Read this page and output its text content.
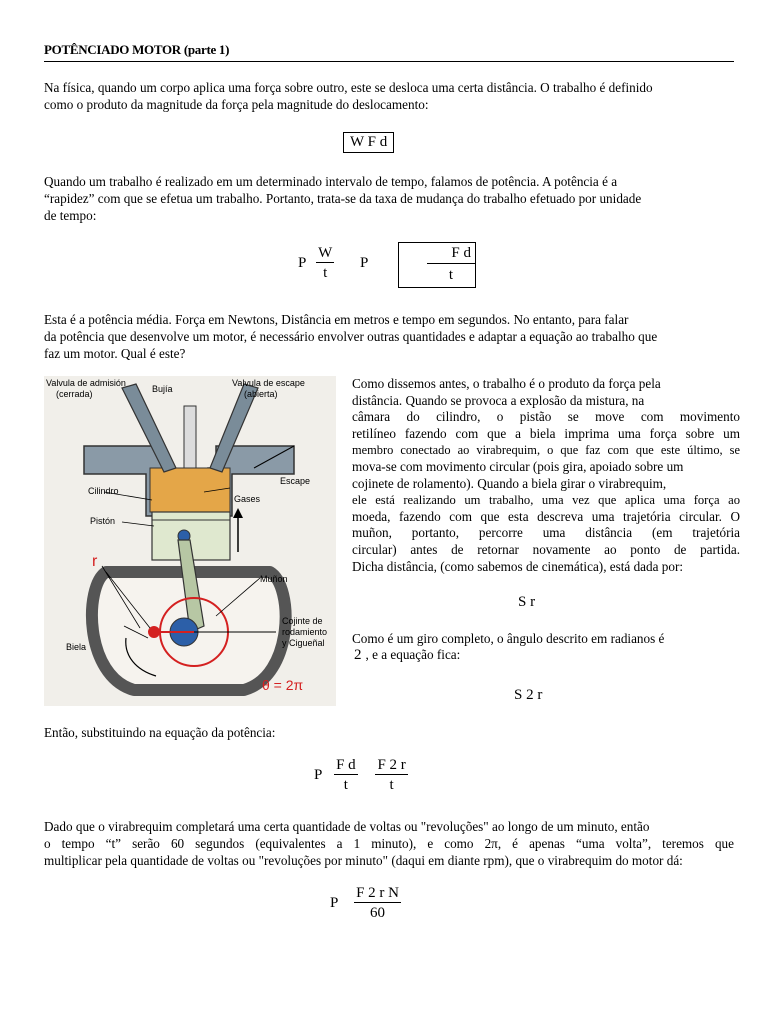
POTÊNCIADO MOTOR (parte 1)

Na física, quando um corpo aplica uma força sobre outro, este se desloca uma certa distância. O trabalho é definido

como o produto da magnitude da força pela magnitude do deslocamento:

W F d

Quando um trabalho é realizado em um determinado intervalo de tempo, falamos de potência. A potência é a

“rapidez” com que se efetua um trabalho. Portanto, trata-se da taxa de mudança do trabalho efetuado por unidade

de tempo:

P $\frac{W}{t}$ P $\frac{\text{F d}}{t}$

Esta é a potência média. Força em Newtons, Distância em metros e tempo em segundos. No entanto, para falar

da potência que desenvolve um motor, é necessário envolver outras quantidades e adaptar a equação ao trabalho que

faz um motor. Qual é este?

Valvula de admisión (cerrada)	Bujía
Valvula de escape (abierta)
Cilindro
Gases
Escape
Pistón
r
Muñon
Cojinte de rodamiento y Cigueñal
Biela
θ = 2π

Como dissemos antes, o trabalho é o produto da força pela

distância. Quando se provoca a explosão da mistura, na

câmara do cilindro, o pistão se move com movimento

retilíneo fazendo com que a biela imprima uma força sobre um

membro conectado ao virabrequim, o que faz com que este último, se

mova-se com movimento circular (pois gira, apoiado sobre um

cojinete de rolamento). Quando a biela girar o virabrequim,

ele está realizando um trabalho, uma vez que aplica uma força ao

moeda, fazendo com que esta descreva uma trajetória circular. O

muñon, portanto, percorre uma distância (em trajetória

circular) antes de retornar novamente ao ponto de partida.

Dicha distância, (como sabemos de cinemática), está dada por:

S r

Como é um giro completo, o ângulo descrito em radianos é

2 , e a equação fica:
S 2 r
Então, substituindo na equação da potência:
P $\frac{\text{F d}}{t}$
$\frac{F 2 r}{t}$

Dado que o virabrequim completará uma certa quantidade de voltas ou "revoluções" ao longo de um minuto, então

o tempo “t” serão 60 segundos (equivalentes a 1 minuto), e como 2π, é apenas “uma volta”, teremos que

multiplicar pela quantidade de voltas ou "revoluções por minuto" (daqui em diante rpm), que o virabrequim do motor dá:

P $\frac{\text{F 2 r N}}{60}$
